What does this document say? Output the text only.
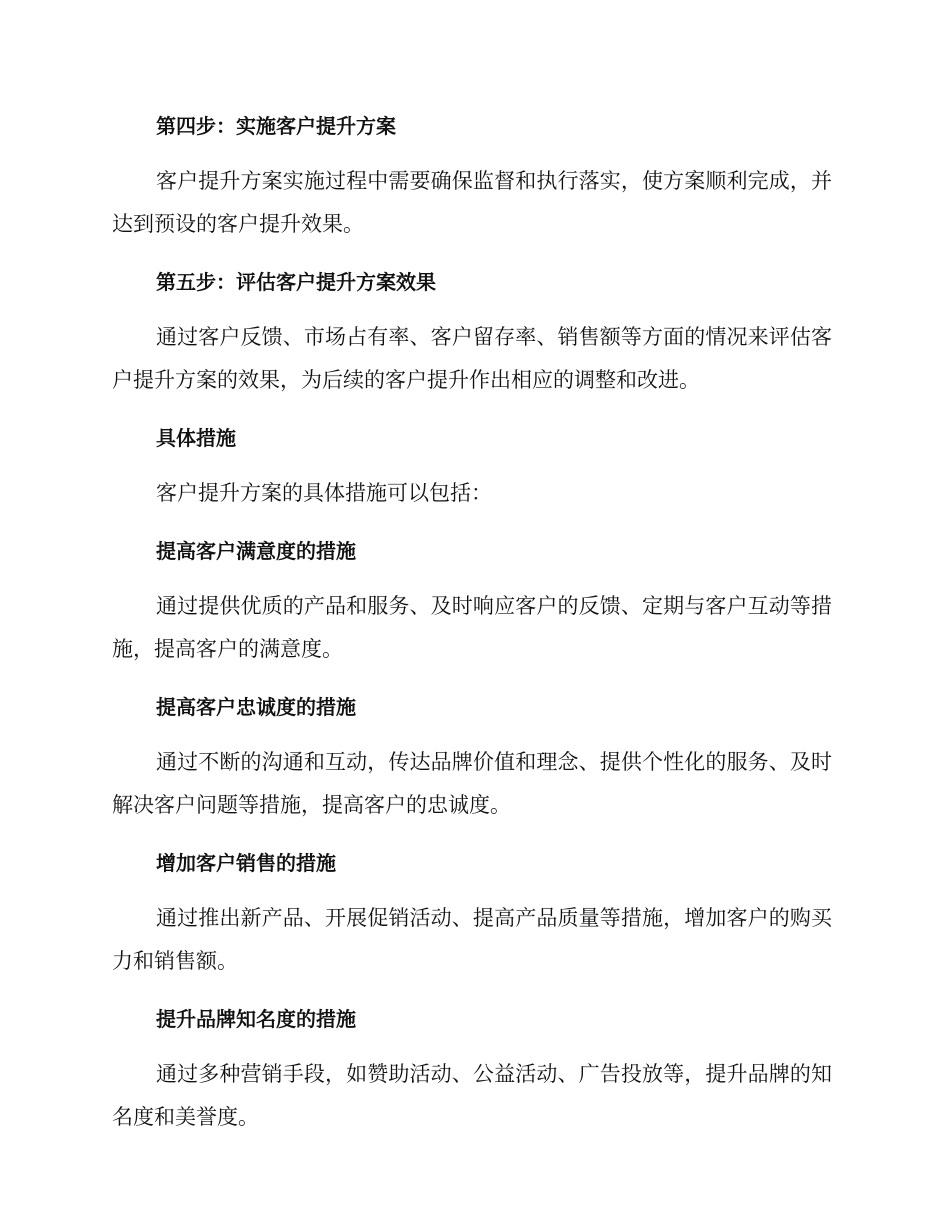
第四步：实施客户提升方案

客户提升方案实施过程中需要确保监督和执行落实，使方案顺利完成，并达到预设的客户提升效果。

第五步：评估客户提升方案效果

通过客户反馈、市场占有率、客户留存率、销售额等方面的情况来评估客户提升方案的效果，为后续的客户提升作出相应的调整和改进。

具体措施

客户提升方案的具体措施可以包括：

提高客户满意度的措施

通过提供优质的产品和服务、及时响应客户的反馈、定期与客户互动等措施，提高客户的满意度。

提高客户忠诚度的措施

通过不断的沟通和互动，传达品牌价值和理念、提供个性化的服务、及时解决客户问题等措施，提高客户的忠诚度。

增加客户销售的措施

通过推出新产品、开展促销活动、提高产品质量等措施，增加客户的购买力和销售额。

提升品牌知名度的措施

通过多种营销手段，如赞助活动、公益活动、广告投放等，提升品牌的知名度和美誉度。
